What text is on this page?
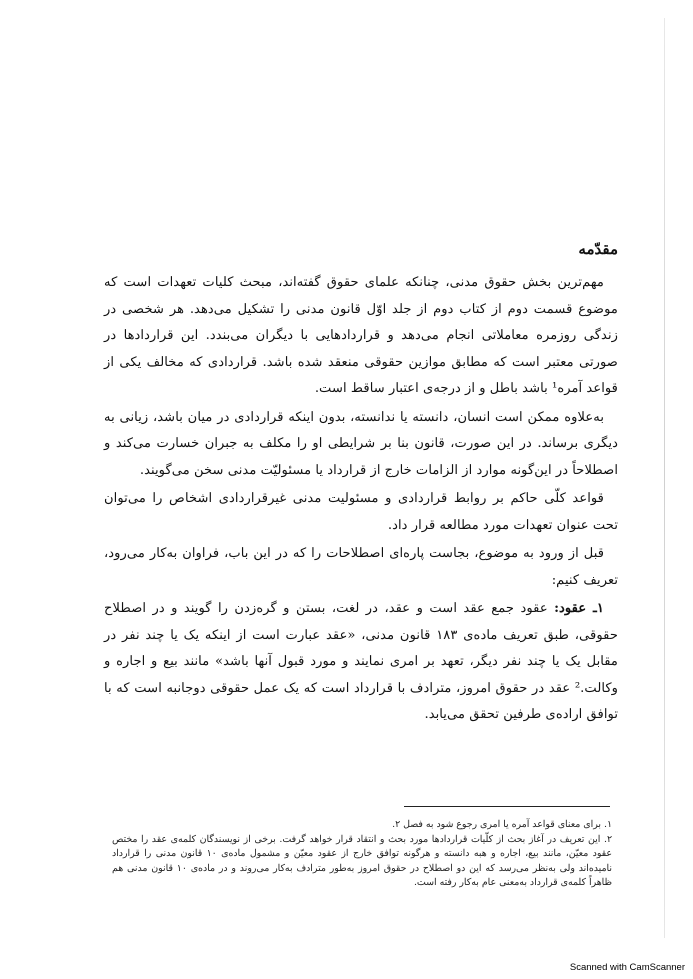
مقدّمه

مهم‌ترین بخش حقوق مدنی، چنانکه علمای حقوق گفته‌اند، مبحث کلیات تعهدات است که موضوع قسمت دوم از کتاب دوم از جلد اوّل قانون مدنی را تشکیل می‌دهد. هر شخصی در زندگی روزمره معاملاتی انجام می‌دهد و قراردادهایی با دیگران می‌بندد. این قراردادها در صورتی معتبر است که مطابق موازین حقوقی منعقد شده باشد. قراردادی که مخالف یکی از قواعد آمره¹ باشد باطل و از درجه‌ی اعتبار ساقط است.

به‌علاوه ممکن است انسان، دانسته یا ندانسته، بدون اینکه قراردادی در میان باشد، زیانی به دیگری برساند. در این صورت، قانون بنا بر شرایطی او را مکلف به جبران خسارت می‌کند و اصطلاحاً در این‌گونه موارد از الزامات خارج از قرارداد یا مسئولیّت مدنی سخن می‌گویند.

قواعد کلّی حاکم بر روابط قراردادی و مسئولیت مدنی غیرقراردادی اشخاص را می‌توان تحت عنوان تعهدات مورد مطالعه قرار داد.

قبل از ورود به موضوع، بجاست پاره‌ای اصطلاحات را که در این باب، فراوان به‌کار می‌رود، تعریف کنیم:

۱ـ عقود: عقود جمع عقد است و عقد، در لغت، بستن و گره‌زدن را گویند و در اصطلاح حقوقی، طبق تعریف ماده‌ی ۱۸۳ قانون مدنی، «عقد عبارت است از اینکه یک یا چند نفر در مقابل یک یا چند نفر دیگر، تعهد بر امری نمایند و مورد قبول آنها باشد» مانند بیع و اجاره و وکالت.² عقد در حقوق امروز، مترادف با قرارداد است که یک عمل حقوقی دوجانبه است که با توافق اراده‌ی طرفین تحقق می‌یابد.

۱. برای معنای قواعد آمره یا امری رجوع شود به فصل ۲.

۲. این تعریف در آغاز بحث از کلّیات قراردادها مورد بحث و انتقاد قرار خواهد گرفت. برخی از نویسندگان کلمه‌ی عقد را مختص عقود معیّن، مانند بیع، اجاره و هبه دانسته و هرگونه توافق خارج از عقود معیّن و مشمول ماده‌ی ۱۰ قانون مدنی را قرارداد نامیده‌اند ولی به‌نظر می‌رسد که این دو اصطلاح در حقوق امروز به‌طور مترادف به‌کار می‌روند و در ماده‌ی ۱۰ قانون مدنی هم ظاهراً کلمه‌ی قرارداد به‌معنی عام به‌کار رفته است.

Scanned with CamScanner
